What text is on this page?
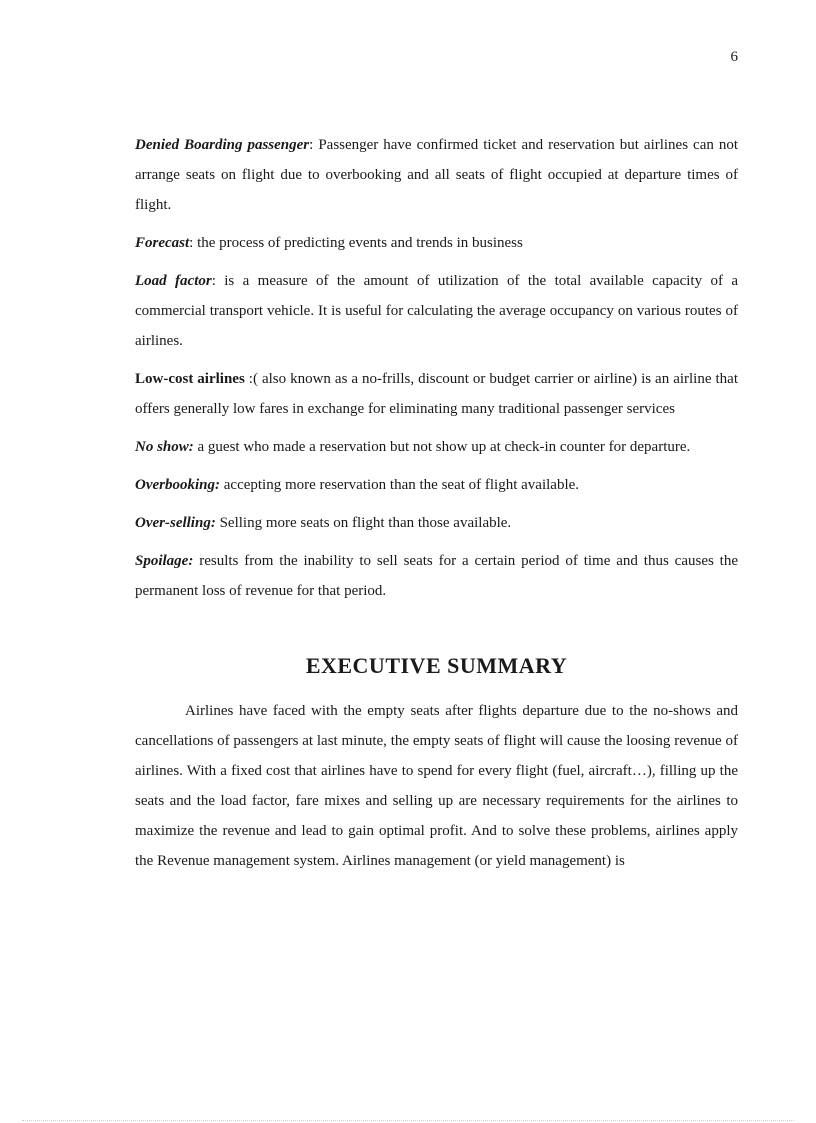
6

Denied Boarding passenger: Passenger have confirmed ticket and reservation but airlines can not arrange seats on flight due to overbooking and all seats of flight occupied at departure times of flight.

Forecast: the process of predicting events and trends in business

Load factor: is a measure of the amount of utilization of the total available capacity of a commercial transport vehicle. It is useful for calculating the average occupancy on various routes of airlines.

Low-cost airlines :( also known as a no-frills, discount or budget carrier or airline) is an airline that offers generally low fares in exchange for eliminating many traditional passenger services

No show: a guest who made a reservation but not show up at check-in counter for departure.

Overbooking: accepting more reservation than the seat of flight available.

Over-selling: Selling more seats on flight than those available.

Spoilage: results from the inability to sell seats for a certain period of time and thus causes the permanent loss of revenue for that period.

EXECUTIVE SUMMARY

Airlines have faced with the empty seats after flights departure due to the no-shows and cancellations of passengers at last minute, the empty seats of flight will cause the loosing revenue of airlines. With a fixed cost that airlines have to spend for every flight (fuel, aircraft…), filling up the seats and the load factor, fare mixes and selling up are necessary requirements for the airlines to maximize the revenue and lead to gain optimal profit. And to solve these problems, airlines apply the Revenue management system. Airlines management (or yield management) is
